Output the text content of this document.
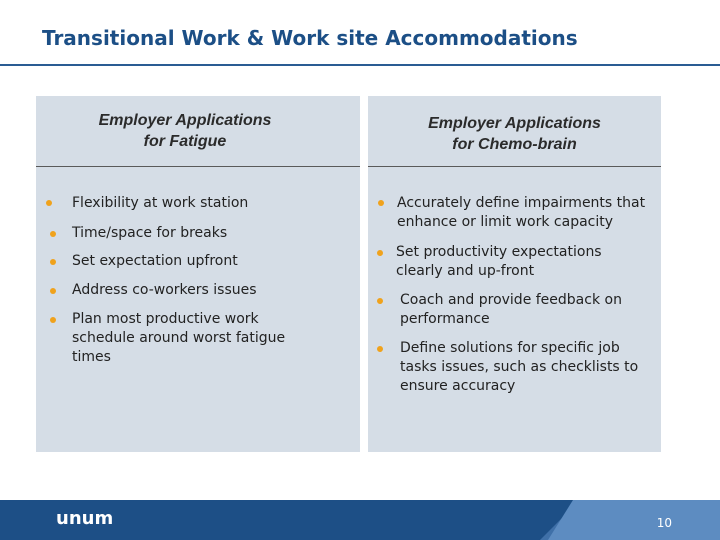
Transitional Work & Work site Accommodations
Employer Applications
for Fatigue
Flexibility at work station
Time/space for breaks
Set expectation upfront
Address co-workers issues
Plan most productive work schedule around worst fatigue times
Employer Applications
for Chemo-brain
Accurately define impairments that enhance or limit work capacity
Set productivity expectations clearly and up-front
Coach and provide feedback on performance
Define solutions for specific job tasks issues, such as checklists to ensure accuracy
unum	10
